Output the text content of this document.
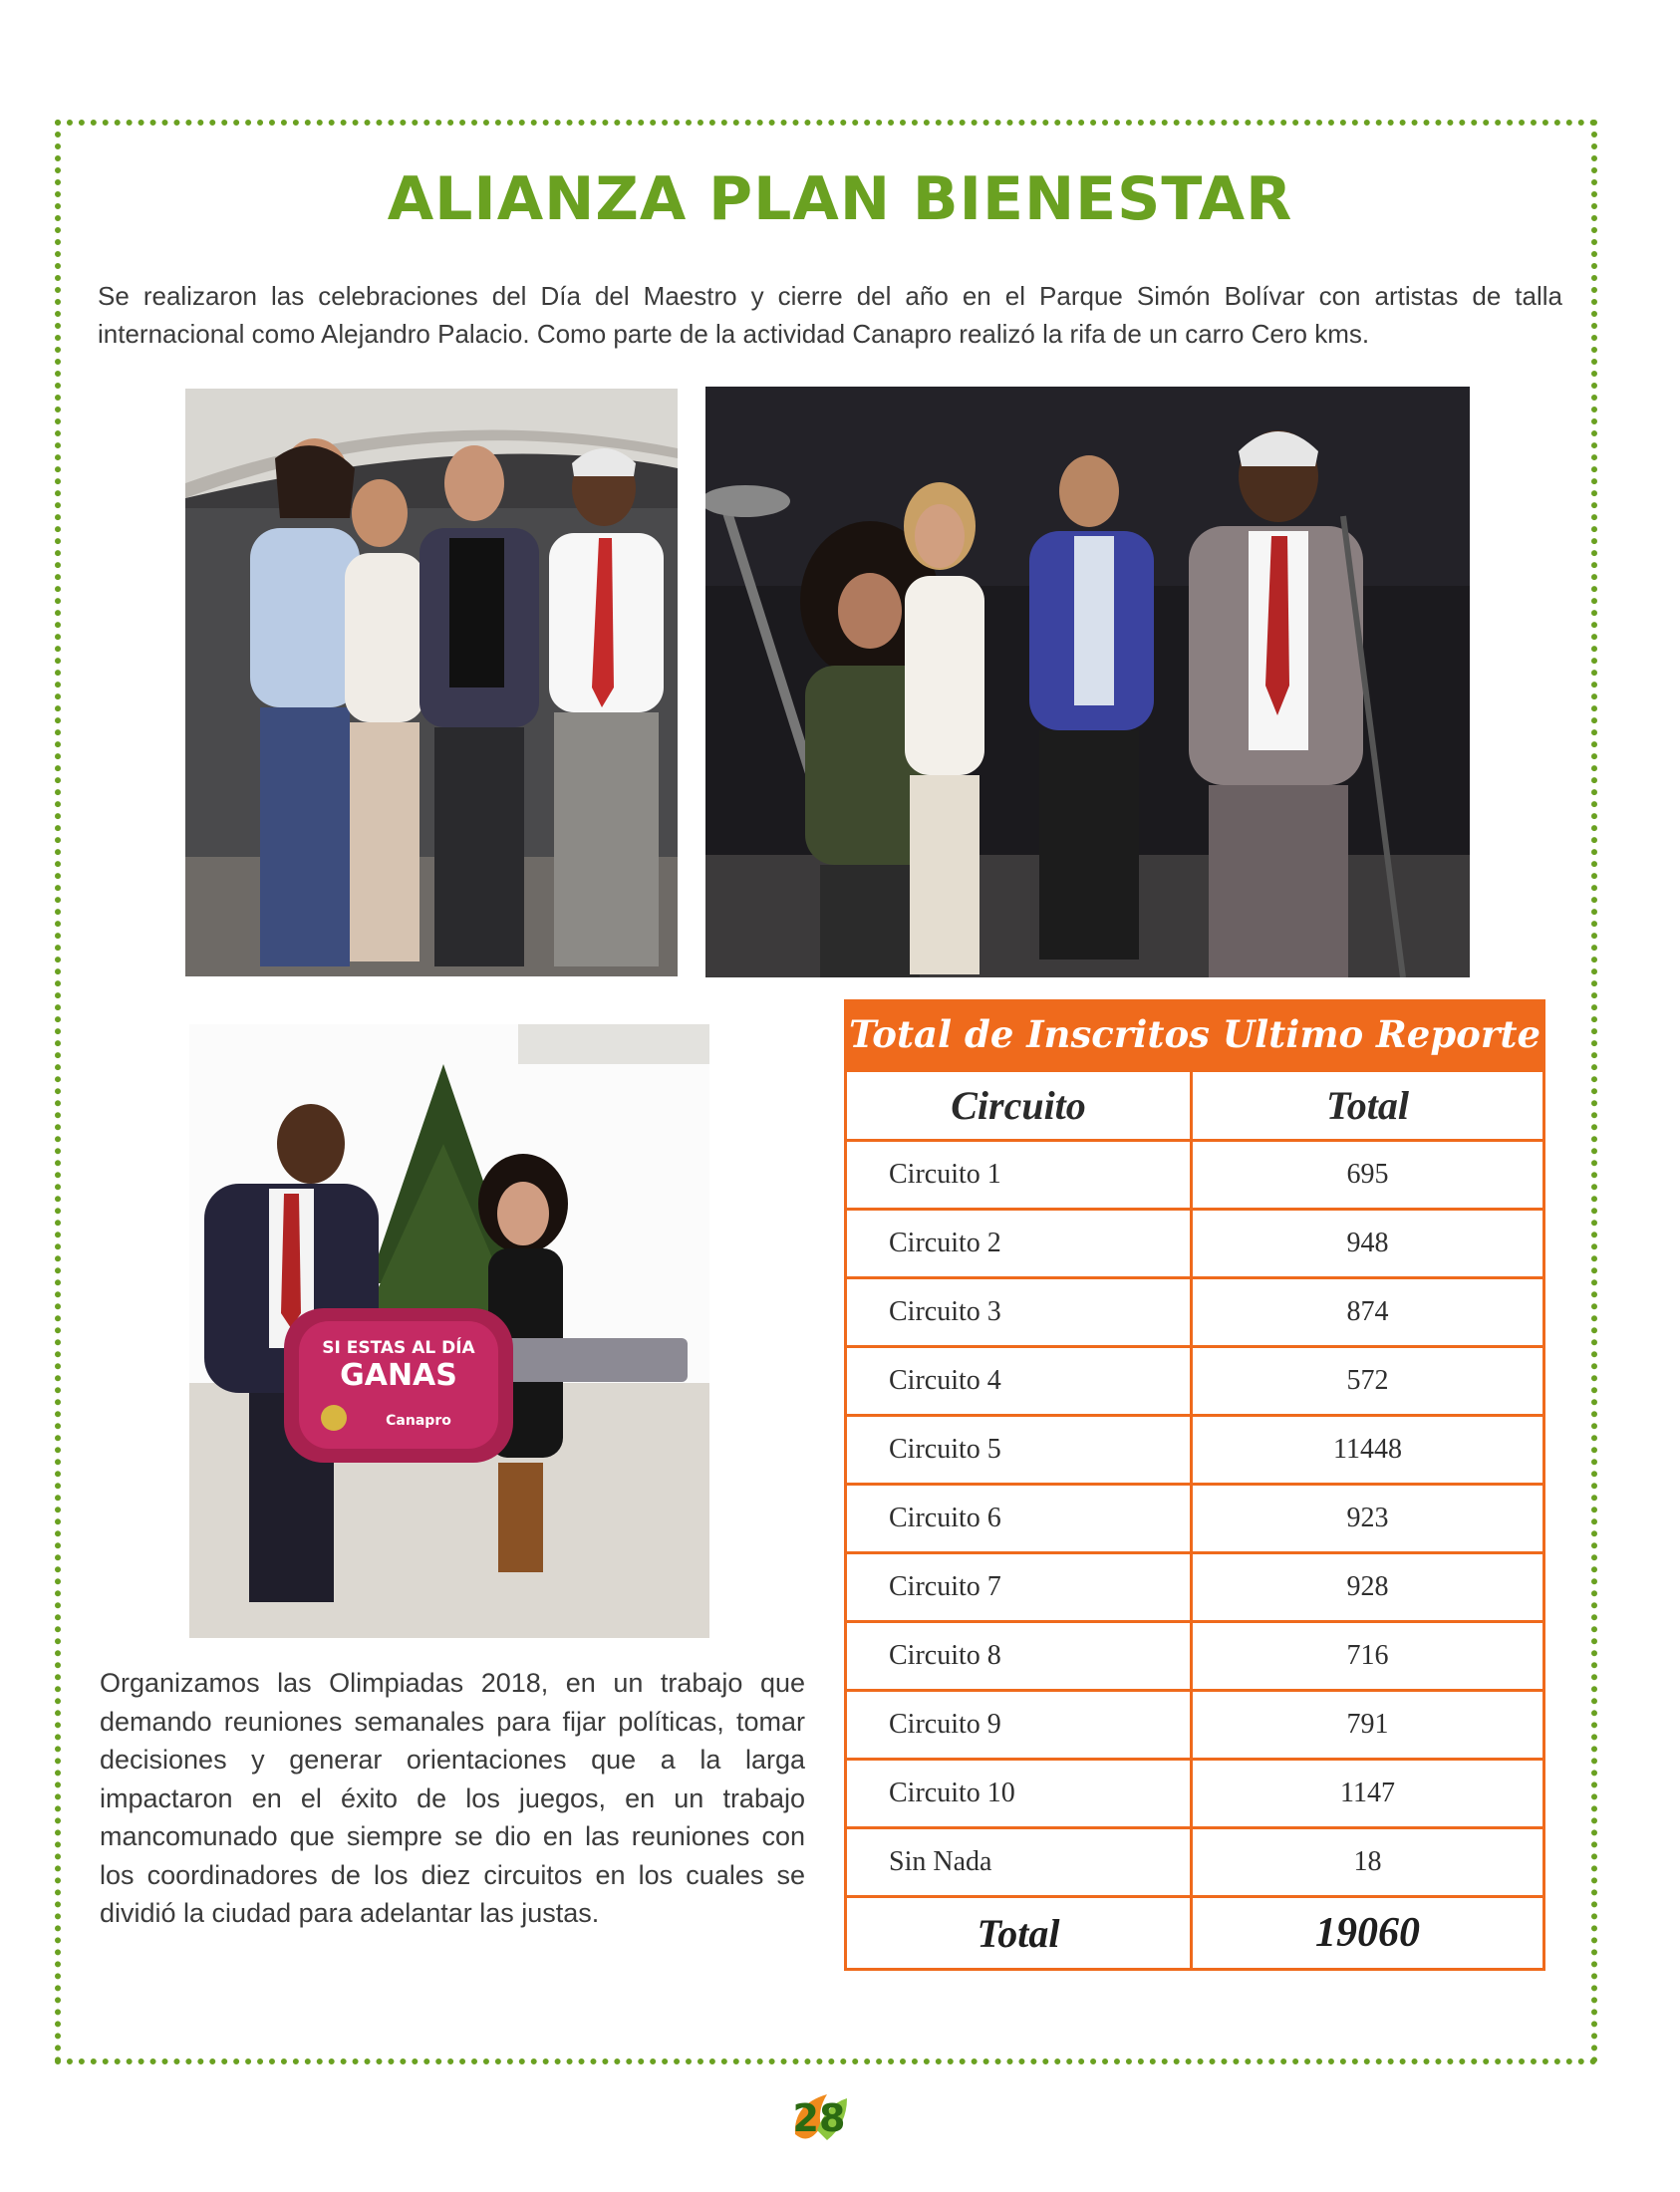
ALIANZA PLAN BIENESTAR
Se realizaron las celebraciones del Día del Maestro y cierre del año en el Parque Simón Bolívar con artistas de talla internacional como Alejandro Palacio. Como parte de la actividad Canapro realizó la rifa de un carro Cero kms.
SI ESTAS AL DÍA
GANAS
Canapro
Organizamos las Olimpiadas 2018, en un trabajo que demando reuniones semanales para fijar políticas, tomar decisiones y generar orientaciones que a la larga impactaron en el éxito de los juegos, en un trabajo mancomunado que siempre se dio en las reuniones con los coordinadores de los diez circuitos en los cuales se dividió la ciudad para adelantar las justas.
Total de Inscritos Ultimo Reporte
Circuito	Total
Circuito 1	695
Circuito 2	948
Circuito 3	874
Circuito 4	572
Circuito 5	11448
Circuito 6	923
Circuito 7	928
Circuito 8	716
Circuito 9	791
Circuito 10	1147
Sin Nada	18
Total	19060
28
